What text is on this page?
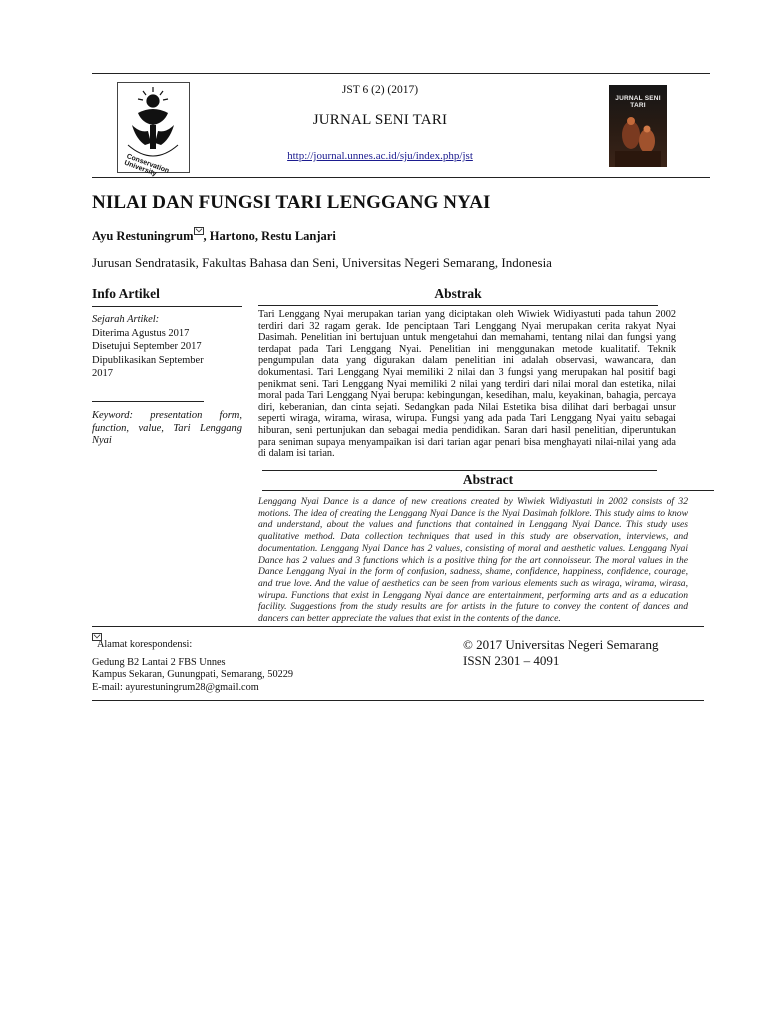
Conservation University
JST 6 (2) (2017)
JURNAL SENI TARI
http://journal.unnes.ac.id/sju/index.php/jst
JURNAL SENI TARI
NILAI DAN FUNGSI TARI LENGGANG NYAI
Ayu Restuningrum , Hartono, Restu Lanjari
Jurusan Sendratasik, Fakultas Bahasa dan Seni, Universitas Negeri Semarang, Indonesia
Info Artikel
Sejarah Artikel:
Diterima Agustus 2017
Disetujui September 2017
Dipublikasikan September
2017
Keyword: presentation form, function, value, Tari Lenggang Nyai
Abstrak
Tari Lenggang Nyai merupakan tarian yang diciptakan oleh Wiwiek Widiyastuti pada tahun 2002 terdiri dari 32 ragam gerak. Ide penciptaan Tari Lenggang Nyai merupakan cerita rakyat Nyai Dasimah. Penelitian ini bertujuan untuk mengetahui dan memahami, tentang nilai dan fungsi yang terdapat pada Tari Lenggang Nyai. Penelitian ini menggunakan metode kualitatif. Teknik pengumpulan data yang digurakan dalam penelitian ini adalah observasi, wawancara, dan dokumentasi. Tari Lenggang Nyai memiliki 2 nilai dan 3 fungsi yang merupakan hal positif bagi penikmat seni. Tari Lenggang Nyai memiliki 2 nilai yang terdiri dari nilai moral dan estetika, nilai moral pada Tari Lenggang Nyai berupa: kebingungan, kesedihan, malu, keyakinan, bahagia, percaya diri, keberanian, dan cinta sejati. Sedangkan pada Nilai Estetika bisa dilihat dari berbagai unsur seperti wiraga, wirama, wirasa, wirupa. Fungsi yang ada pada Tari Lenggang Nyai yaitu sebagai hiburan, seni pertunjukan dan sebagai media pendidikan. Saran dari hasil penelitian, diperuntukan para seniman supaya menyampaikan isi dari tarian agar penari bisa menghayati nilai-nilai yang ada di dalam isi tarian.
Abstract
Lenggang Nyai Dance is a dance of new creations created by Wiwiek Widiyastuti in 2002 consists of 32 motions. The idea of creating the Lenggang Nyai Dance is the Nyai Dasimah folklore. This study aims to know and understand, about the values and functions that contained in Lenggang Nyai Dance. This study uses qualitative method. Data collection techniques that used in this study are observation, interviews, and documentation. Lenggang Nyai Dance has 2 values, consisting of moral and aesthetic values. Lenggang Nyai Dance has 2 values and 3 functions which is a positive thing for the art connoisseur. The moral values in the Dance Lenggang Nyai in the form of confusion, sadness, shame, confidence, happiness, confidence, courage, and true love. And the value of aesthetics can be seen from various elements such as wiraga, wirama, wirasa, wirupa. Functions that exist in Lenggang Nyai dance are entertainment, performing arts and as a education facility. Suggestions from the study results are for artists in the future to convey the content of dances and dancers can better appreciate the values that exist in the contents of the dance.
Alamat korespondensi:
Gedung B2 Lantai 2 FBS Unnes
Kampus Sekaran, Gunungpati, Semarang, 50229
E-mail: ayurestuningrum28@gmail.com
© 2017 Universitas Negeri Semarang
ISSN 2301 – 4091
